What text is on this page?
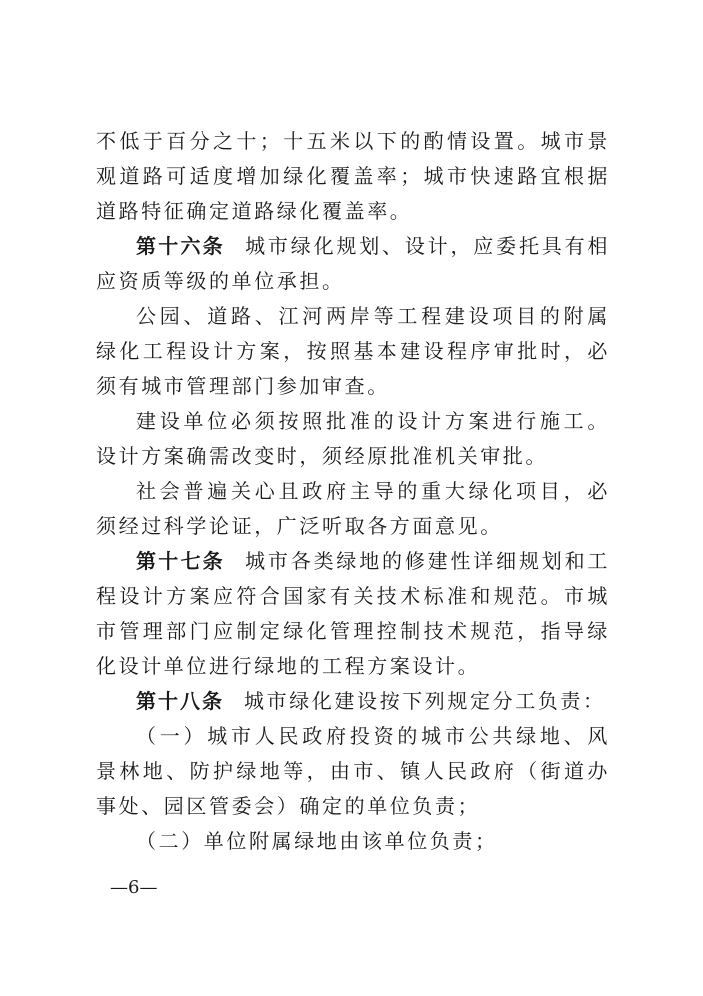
不低于百分之十；十五米以下的酌情设置。城市景观道路可适度增加绿化覆盖率；城市快速路宜根据道路特征确定道路绿化覆盖率。

第十六条 城市绿化规划、设计，应委托具有相应资质等级的单位承担。

公园、道路、江河两岸等工程建设项目的附属绿化工程设计方案，按照基本建设程序审批时，必须有城市管理部门参加审查。

建设单位必须按照批准的设计方案进行施工。设计方案确需改变时，须经原批准机关审批。

社会普遍关心且政府主导的重大绿化项目，必须经过科学论证，广泛听取各方面意见。

第十七条 城市各类绿地的修建性详细规划和工程设计方案应符合国家有关技术标准和规范。市城市管理部门应制定绿化管理控制技术规范，指导绿化设计单位进行绿地的工程方案设计。

第十八条 城市绿化建设按下列规定分工负责：

（一）城市人民政府投资的城市公共绿地、风景林地、防护绿地等，由市、镇人民政府（街道办事处、园区管委会）确定的单位负责；

（二）单位附属绿地由该单位负责；

—6—
